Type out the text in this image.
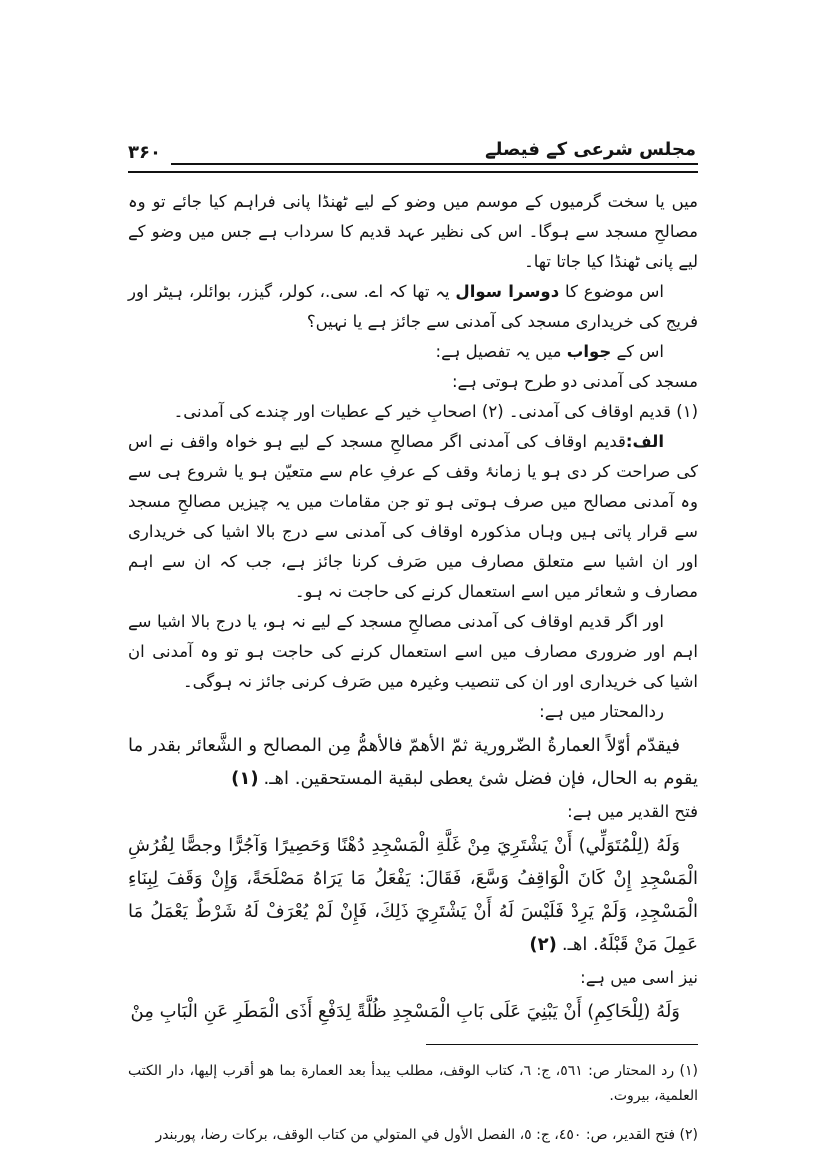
۳۶۰	مجلس شرعی کے فیصلے

میں یا سخت گرمیوں کے موسم میں وضو کے لیے ٹھنڈا پانی فراہم کیا جائے تو وہ مصالحِ مسجد سے ہوگا۔ اس کی نظیر عہد قدیم کا سرداب ہے جس میں وضو کے لیے پانی ٹھنڈا کیا جاتا تھا۔

اس موضوع کا دوسرا سوال یہ تھا کہ اے. سی.، کولر، گیزر، بوائلر، ہیٹر اور فریج کی خریداری مسجد کی آمدنی سے جائز ہے یا نہیں؟

اس کے جواب میں یہ تفصیل ہے:

مسجد کی آمدنی دو طرح ہوتی ہے:

(۱) قدیم اوقاف کی آمدنی۔ (۲) اصحابِ خیر کے عطیات اور چندے کی آمدنی۔

الف:قدیم اوقاف کی آمدنی اگر مصالحِ مسجد کے لیے ہو خواہ واقف نے اس کی صراحت کر دی ہو یا زمانۂ وقف کے عرفِ عام سے متعیّن ہو یا شروع ہی سے وہ آمدنی مصالح میں صرف ہوتی ہو تو جن مقامات میں یہ چیزیں مصالحِ مسجد سے قرار پاتی ہیں وہاں مذکورہ اوقاف کی آمدنی سے درج بالا اشیا کی خریداری اور ان اشیا سے متعلق مصارف میں صَرف کرنا جائز ہے، جب کہ ان سے اہم مصارف و شعائر میں اسے استعمال کرنے کی حاجت نہ ہو۔

اور اگر قدیم اوقاف کی آمدنی مصالحِ مسجد کے لیے نہ ہو، یا درج بالا اشیا سے اہم اور ضروری مصارف میں اسے استعمال کرنے کی حاجت ہو تو وہ آمدنی ان اشیا کی خریداری اور ان کی تنصیب وغیرہ میں صَرف کرنی جائز نہ ہوگی۔

ردالمحتار میں ہے:

فيقدّم أوّلاً العمارةُ الضّرورية ثمّ الأهمّ فالأهمُّ مِن المصالح و الشَّعائر بقدر ما يقوم به الحال، فإن فضل شئ يعطى لبقية المستحقين. اهـ.(١)

فتح القدیر میں ہے:

وَلَهُ (لِلْمُتَوَلِّي) أَنْ يَشْتَرِيَ مِنْ غَلَّةِ الْمَسْجِدِ دُهْنًا وَحَصِيرًا وَآجُرًّا وجصًّا لِفُرُشِ الْمَسْجِدِ إِنْ كَانَ الْوَاقِفُ وَسَّعَ، فَقَالَ: يَفْعَلُ مَا يَرَاهُ مَصْلَحَةً، وَإِنْ وَقَفَ لِبِنَاءِ الْمَسْجِدِ، وَلَمْ يَرِدْ فَلَيْسَ لَهُ أَنْ يَشْتَرِيَ ذَلِكَ، فَإِنْ لَمْ يُعْرَفْ لَهُ شَرْطٌ يَعْمَلُ مَا عَمِلَ مَنْ قَبْلَهُ. اهـ.(٢)

نیز اسی میں ہے:

وَلَهُ (لِلْحَاكِمِ) أَنْ يَبْنِيَ عَلَى بَابِ الْمَسْجِدِ ظُلَّةً لِدَفْعِ أَذَى الْمَطَرِ عَنِ الْبَابِ مِنْ

(١) رد المحتار ص: ٥٦١، ج: ٦، كتاب الوقف، مطلب يبدأ بعد العمارة بما هو أقرب إليها، دار الكتب العلمية، بيروت.

(٢) فتح القدير، ص: ٤٥٠، ج: ٥، الفصل الأول في المتولي من كتاب الوقف، بركات رضا، پوربندر
